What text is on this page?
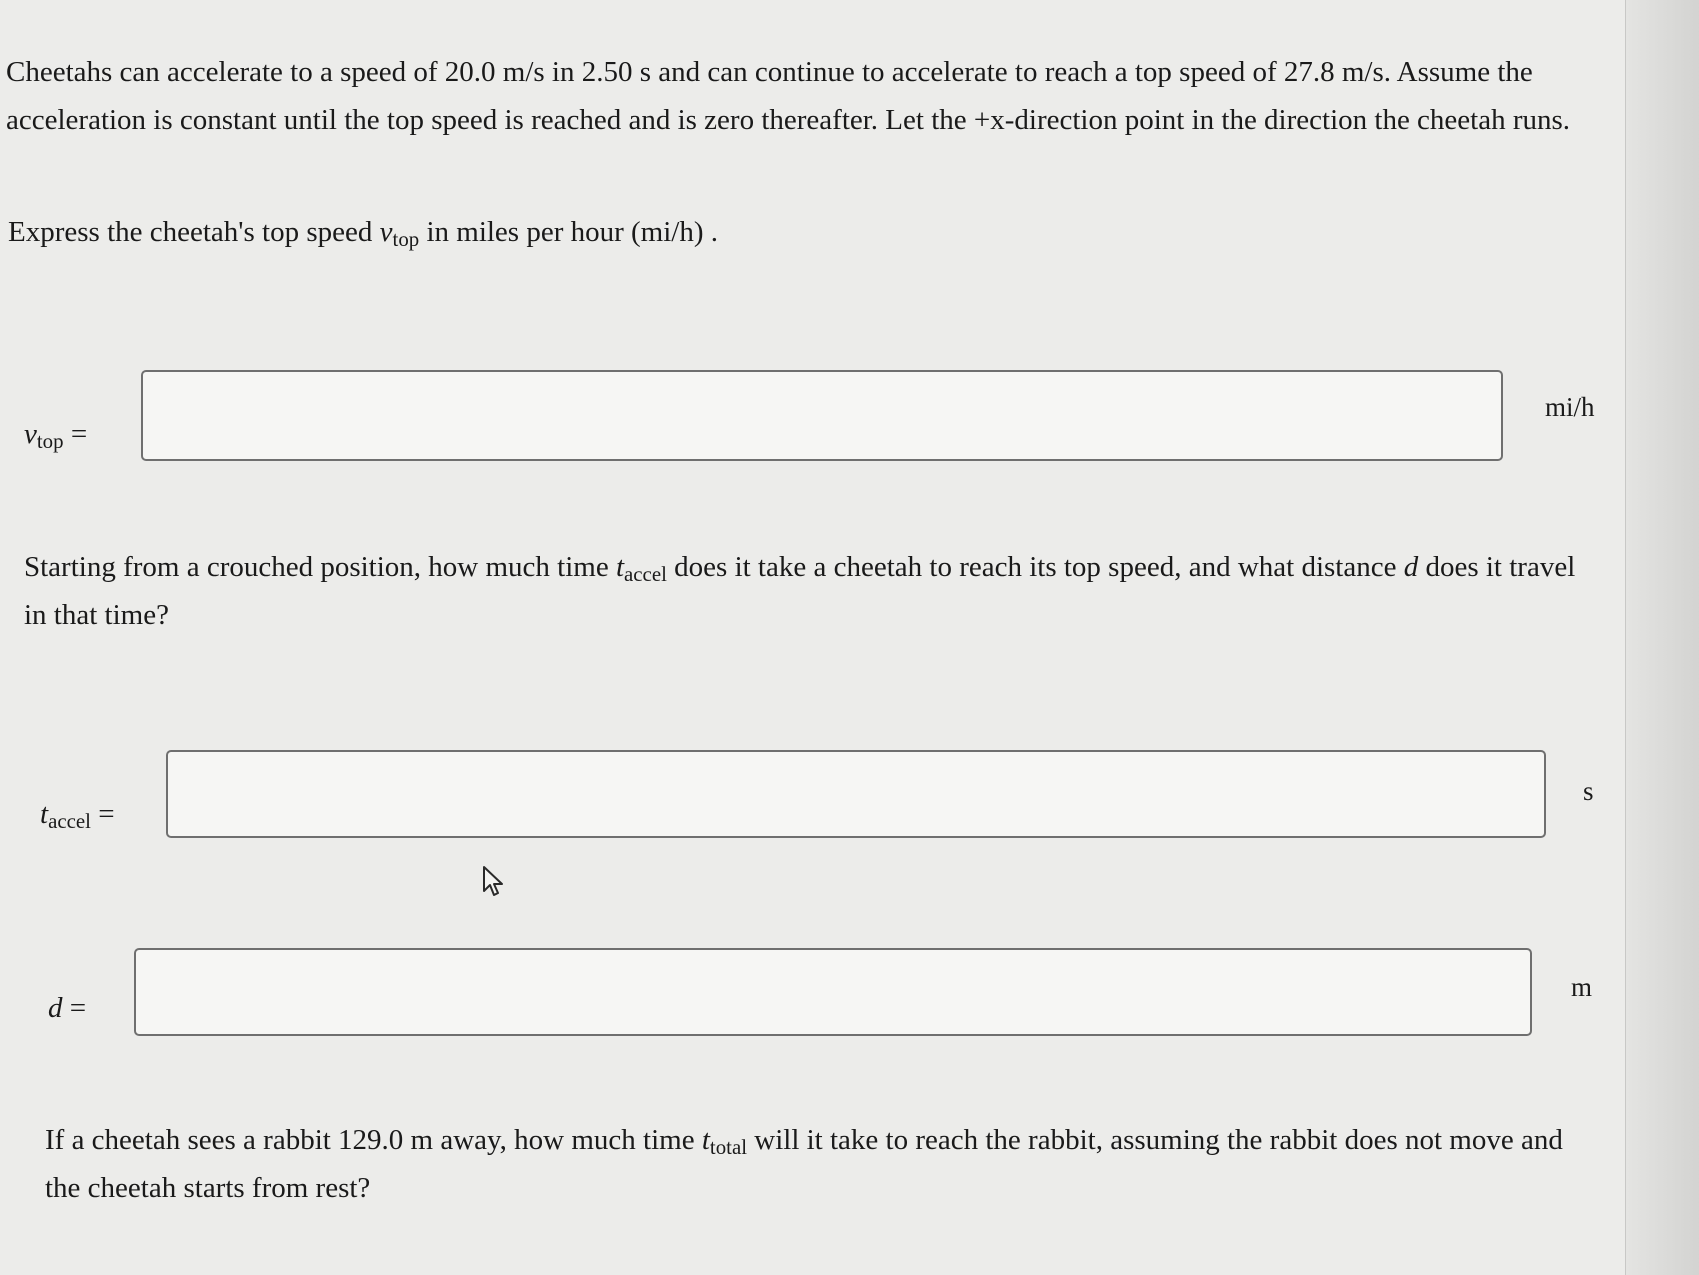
Cheetahs can accelerate to a speed of 20.0 m/s in 2.50 s and can continue to accelerate to reach a top speed of 27.8 m/s. Assume the acceleration is constant until the top speed is reached and is zero thereafter. Let the +x-direction point in the direction the cheetah runs.

Express the cheetah's top speed $v_{top}$ in miles per hour (mi/h) .

$v_{top}$ =
mi/h

Starting from a crouched position, how much time $t_{accel}$ does it take a cheetah to reach its top speed, and what distance d does it travel in that time?

$t_{accel}$ =
s
d =
m

If a cheetah sees a rabbit 129.0 m away, how much time $t_{total}$ will it take to reach the rabbit, assuming the rabbit does not move and the cheetah starts from rest?
